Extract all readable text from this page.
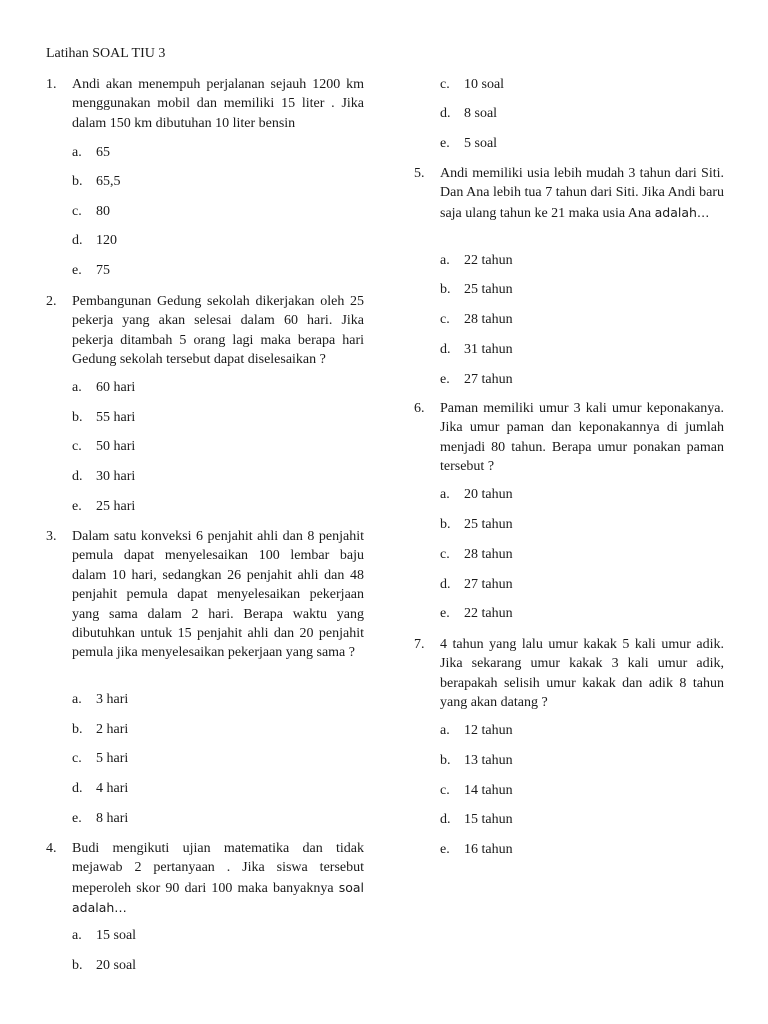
Latihan SOAL TIU 3
1. Andi akan menempuh perjalanan sejauh 1200 km menggunakan mobil dan memiliki 15 liter . Jika dalam 150 km dibutuhan 10 liter bensin
a. 65
b. 65,5
c. 80
d. 120
e. 75
2. Pembangunan Gedung sekolah dikerjakan oleh 25 pekerja yang akan selesai dalam 60 hari. Jika pekerja ditambah 5 orang lagi maka berapa hari Gedung sekolah tersebut dapat diselesaikan ?
a. 60 hari
b. 55 hari
c. 50 hari
d. 30 hari
e. 25 hari
3. Dalam satu konveksi 6 penjahit ahli dan 8 penjahit pemula dapat menyelesaikan 100 lembar baju dalam 10 hari, sedangkan 26 penjahit ahli dan 48 penjahit pemula dapat menyelesaikan pekerjaan yang sama dalam 2 hari. Berapa waktu yang dibutuhkan untuk 15 penjahit ahli dan 20 penjahit pemula jika menyelesaikan pekerjaan yang sama ?
a. 3 hari
b. 2 hari
c. 5 hari
d. 4 hari
e. 8 hari
4. Budi mengikuti ujian matematika dan tidak mejawab 2 pertanyaan . Jika siswa tersebut meperoleh skor 90 dari 100 maka banyaknya soal adalah…
a. 15 soal
b. 20 soal
c. 10 soal
d. 8 soal
e. 5 soal
5. Andi memiliki usia lebih mudah 3 tahun dari Siti. Dan Ana lebih tua 7 tahun dari Siti. Jika Andi baru saja ulang tahun ke 21 maka usia Ana adalah…
a. 22 tahun
b. 25 tahun
c. 28 tahun
d. 31 tahun
e. 27 tahun
6. Paman memiliki umur 3 kali umur keponakanya. Jika umur paman dan keponakannya di jumlah menjadi 80 tahun. Berapa umur ponakan paman tersebut ?
a. 20 tahun
b. 25 tahun
c. 28 tahun
d. 27 tahun
e. 22 tahun
7. 4 tahun yang lalu umur kakak 5 kali umur adik. Jika sekarang umur kakak 3 kali umur adik, berapakah selisih umur kakak dan adik 8 tahun yang akan datang ?
a. 12 tahun
b. 13 tahun
c. 14 tahun
d. 15 tahun
e. 16 tahun
